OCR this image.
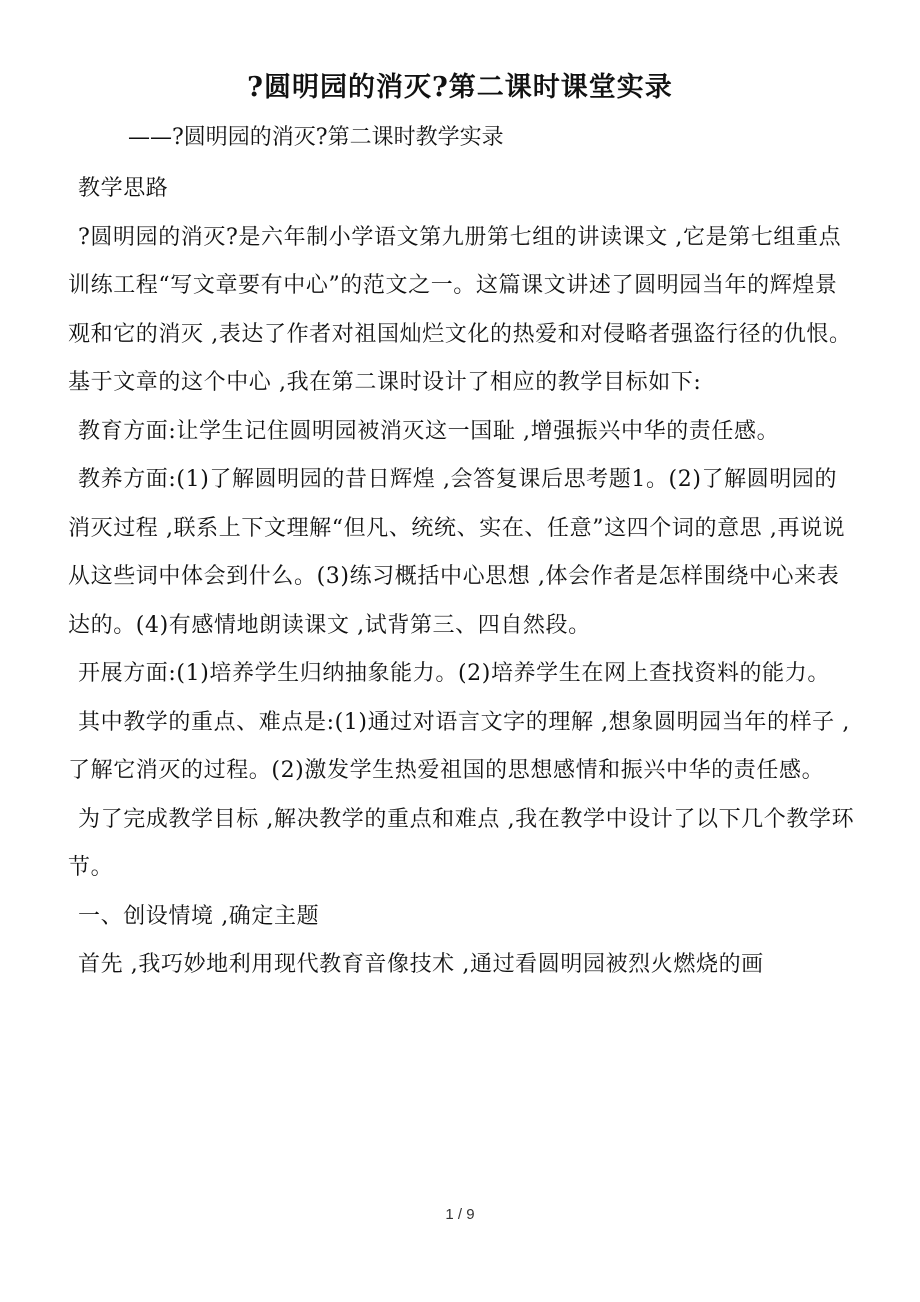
?圆明园的消灭?第二课时课堂实录
——?圆明园的消灭?第二课时教学实录

教学思路

?圆明园的消灭?是六年制小学语文第九册第七组的讲读课文 ,它是第七组重点训练工程“写文章要有中心”的范文之一。这篇课文讲述了圆明园当年的辉煌景观和它的消灭 ,表达了作者对祖国灿烂文化的热爱和对侵略者强盗行径的仇恨。基于文章的这个中心 ,我在第二课时设计了相应的教学目标如下:

教育方面:让学生记住圆明园被消灭这一国耻 ,增强振兴中华的责任感。

教养方面:(1)了解圆明园的昔日辉煌 ,会答复课后思考题1。(2)了解圆明园的消灭过程 ,联系上下文理解“但凡、统统、实在、任意”这四个词的意思 ,再说说从这些词中体会到什么。(3)练习概括中心思想 ,体会作者是怎样围绕中心来表达的。(4)有感情地朗读课文 ,试背第三、四自然段。

开展方面:(1)培养学生归纳抽象能力。(2)培养学生在网上查找资料的能力。

其中教学的重点、难点是:(1)通过对语言文字的理解 ,想象圆明园当年的样子 ,了解它消灭的过程。(2)激发学生热爱祖国的思想感情和振兴中华的责任感。

为了完成教学目标 ,解决教学的重点和难点 ,我在教学中设计了以下几个教学环节。

一、创设情境 ,确定主题

首先 ,我巧妙地利用现代教育音像技术 ,通过看圆明园被烈火燃烧的画

1 / 9
